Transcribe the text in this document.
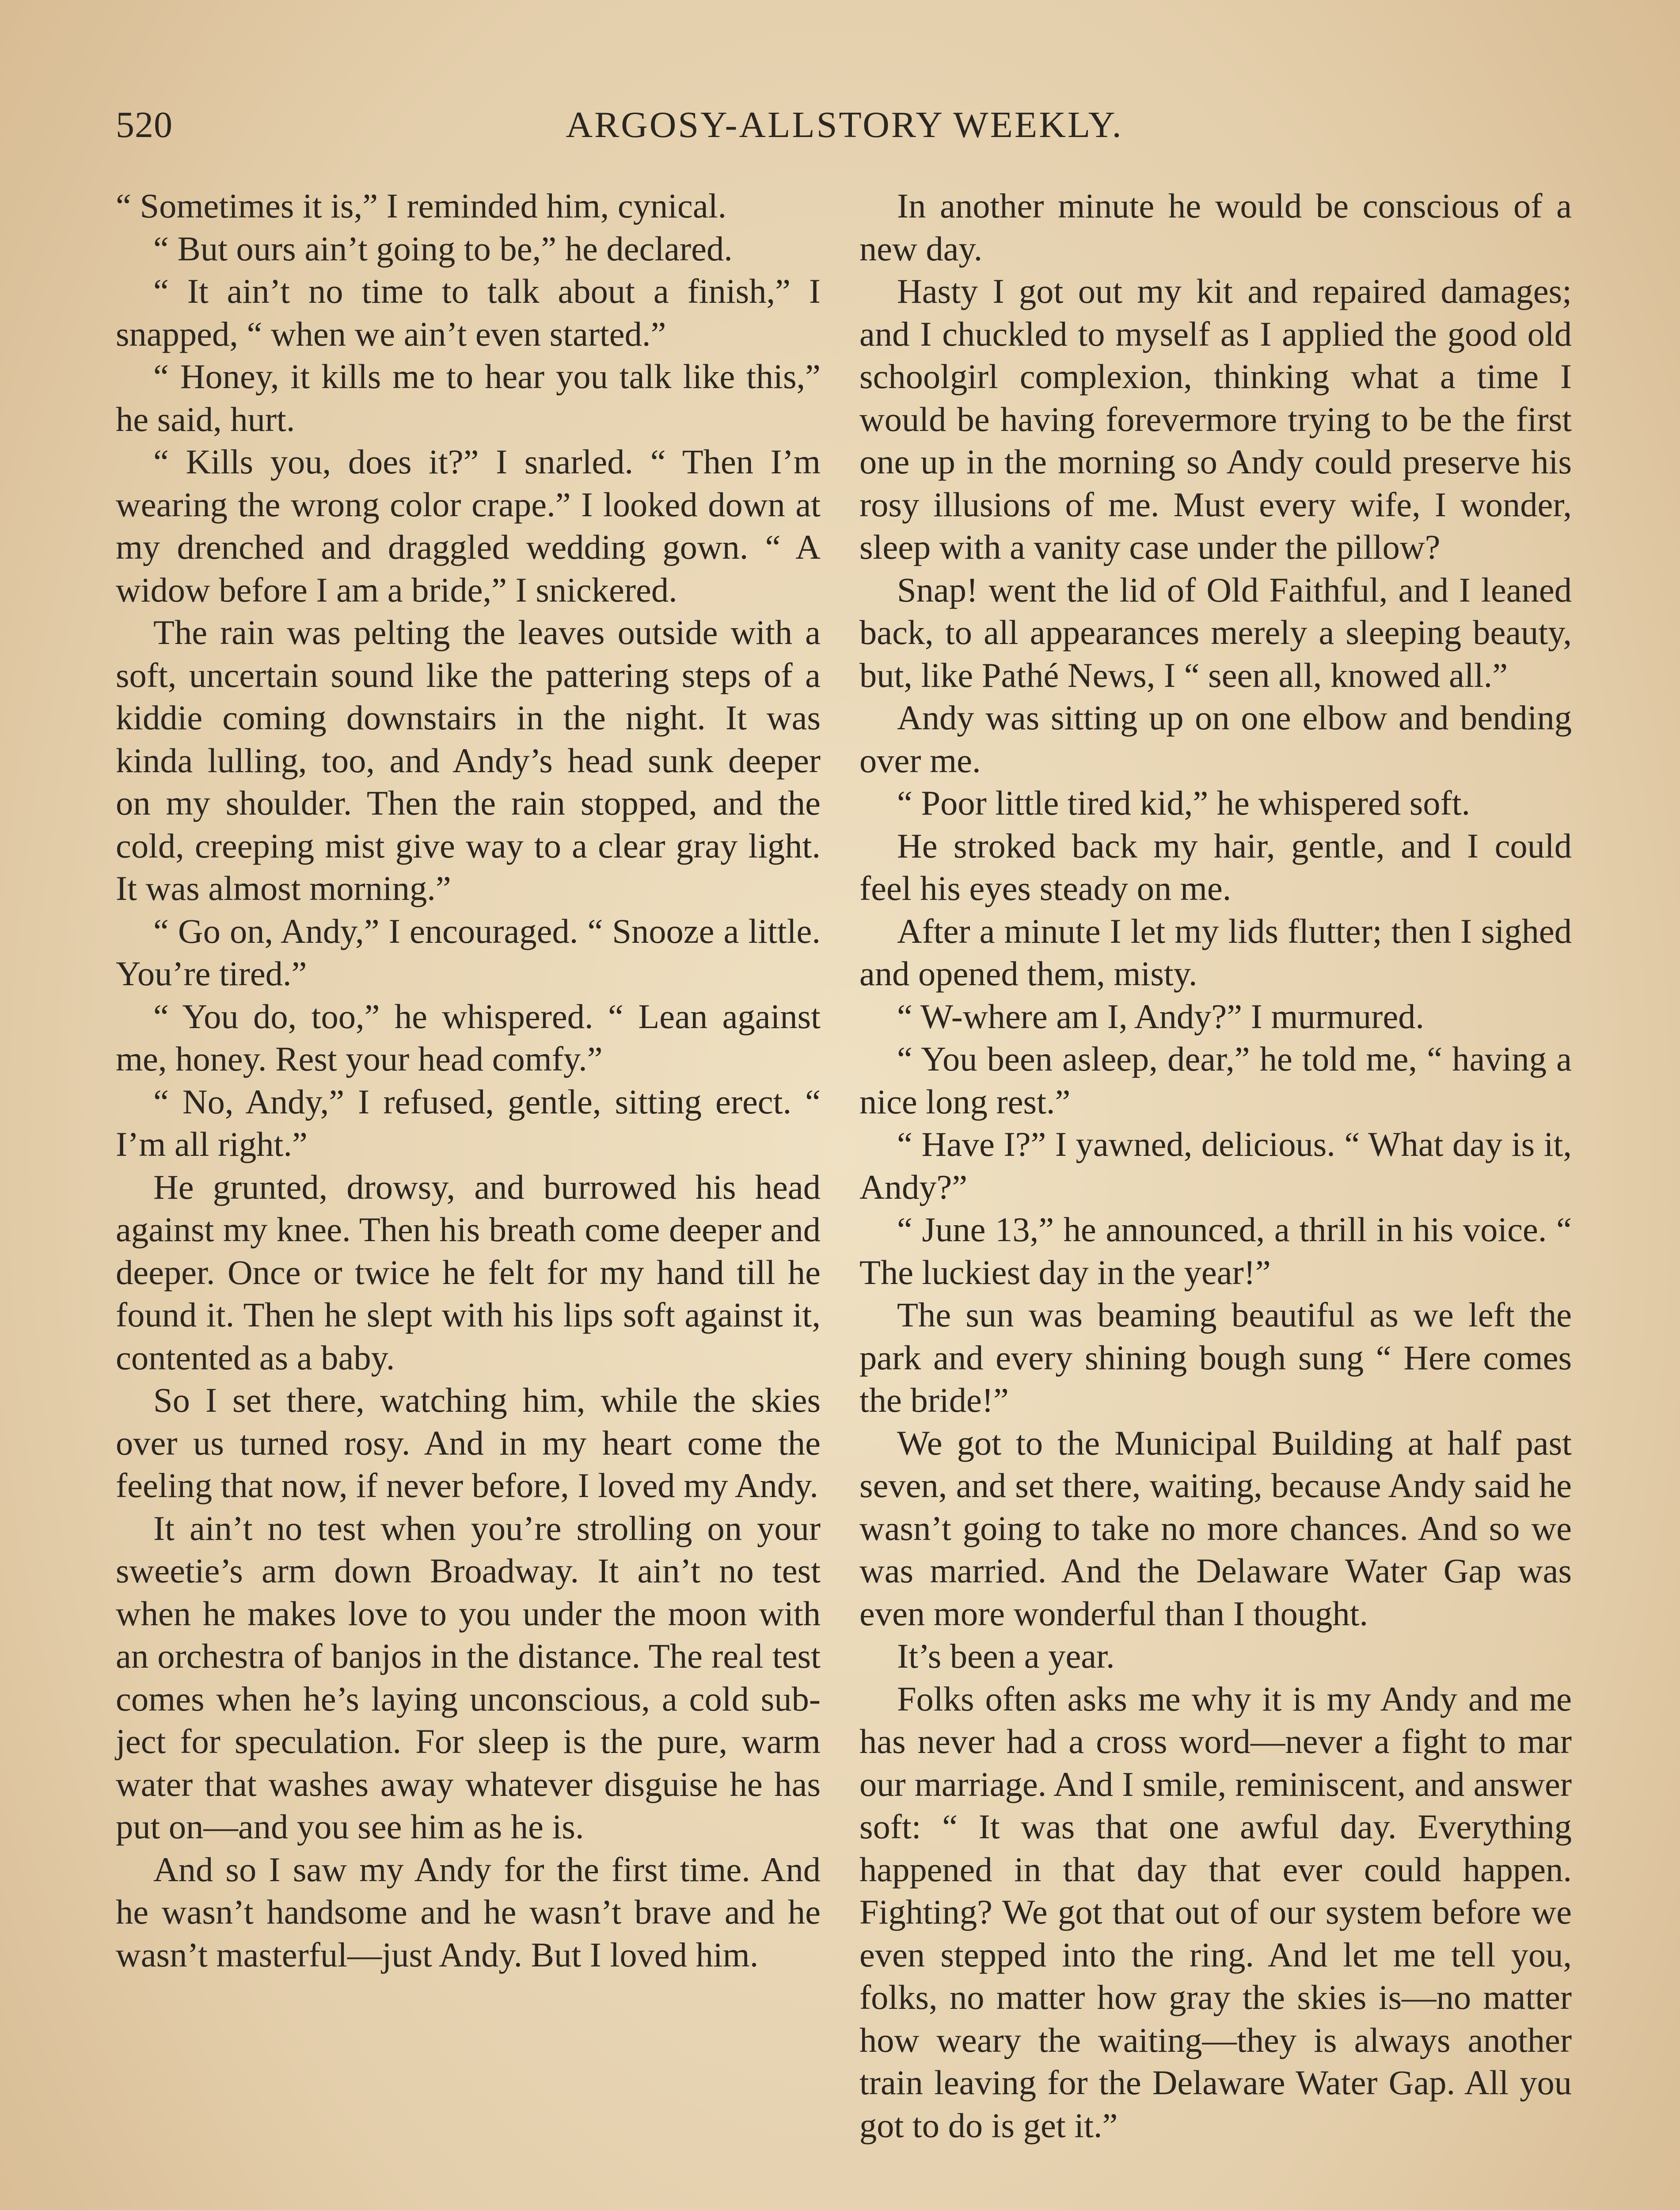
520	ARGOSY-ALLSTORY WEEKLY.

“ Sometimes it is,” I reminded him, cynical.

“ But ours ain’t going to be,” he declared.

“ It ain’t no time to talk about a finish,” I snapped, “ when we ain’t even started.”

“ Honey, it kills me to hear you talk like this,” he said, hurt.

“ Kills you, does it?” I snarled. “ Then I’m wearing the wrong color crape.” I looked down at my drenched and draggled wedding gown. “ A widow before I am a bride,” I snickered.

The rain was pelting the leaves outside with a soft, uncertain sound like the pattering steps of a kiddie coming downstairs in the night. It was kinda lulling, too, and Andy’s head sunk deeper on my shoulder. Then the rain stopped, and the cold, creeping mist give way to a clear gray light. It was almost morning.”

“ Go on, Andy,” I encouraged. “ Snooze a little. You’re tired.”

“ You do, too,” he whispered. “ Lean against me, honey. Rest your head comfy.”

“ No, Andy,” I refused, gentle, sitting erect. “ I’m all right.”

He grunted, drowsy, and burrowed his head against my knee. Then his breath come deeper and deeper. Once or twice he felt for my hand till he found it. Then he slept with his lips soft against it, contented as a baby.

So I set there, watching him, while the skies over us turned rosy. And in my heart come the feeling that now, if never before, I loved my Andy.

It ain’t no test when you’re strolling on your sweetie’s arm down Broadway. It ain’t no test when he makes love to you under the moon with an orchestra of banjos in the distance. The real test comes when he’s laying unconscious, a cold subject for speculation. For sleep is the pure, warm water that washes away whatever disguise he has put on—and you see him as he is.

And so I saw my Andy for the first time. And he wasn’t handsome and he wasn’t brave and he wasn’t masterful—just Andy. But I loved him.

In another minute he would be conscious of a new day.

Hasty I got out my kit and repaired damages; and I chuckled to myself as I applied the good old schoolgirl complexion, thinking what a time I would be having forevermore trying to be the first one up in the morning so Andy could preserve his rosy illusions of me. Must every wife, I wonder, sleep with a vanity case under the pillow?

Snap! went the lid of Old Faithful, and I leaned back, to all appearances merely a sleeping beauty, but, like Pathé News, I “ seen all, knowed all.”

Andy was sitting up on one elbow and bending over me.

“ Poor little tired kid,” he whispered soft.

He stroked back my hair, gentle, and I could feel his eyes steady on me.

After a minute I let my lids flutter; then I sighed and opened them, misty.

“ W-where am I, Andy?” I murmured.

“ You been asleep, dear,” he told me, “ having a nice long rest.”

“ Have I?” I yawned, delicious. “ What day is it, Andy?”

“ June 13,” he announced, a thrill in his voice. “ The luckiest day in the year!”

The sun was beaming beautiful as we left the park and every shining bough sung “ Here comes the bride!”

We got to the Municipal Building at half past seven, and set there, waiting, because Andy said he wasn’t going to take no more chances. And so we was married. And the Delaware Water Gap was even more wonderful than I thought.

It’s been a year.

Folks often asks me why it is my Andy and me has never had a cross word—never a fight to mar our marriage. And I smile, reminiscent, and answer soft: “ It was that one awful day. Everything happened in that day that ever could happen. Fighting? We got that out of our system before we even stepped into the ring. And let me tell you, folks, no matter how gray the skies is—no matter how weary the waiting—they is always another train leaving for the Delaware Water Gap. All you got to do is get it.”
